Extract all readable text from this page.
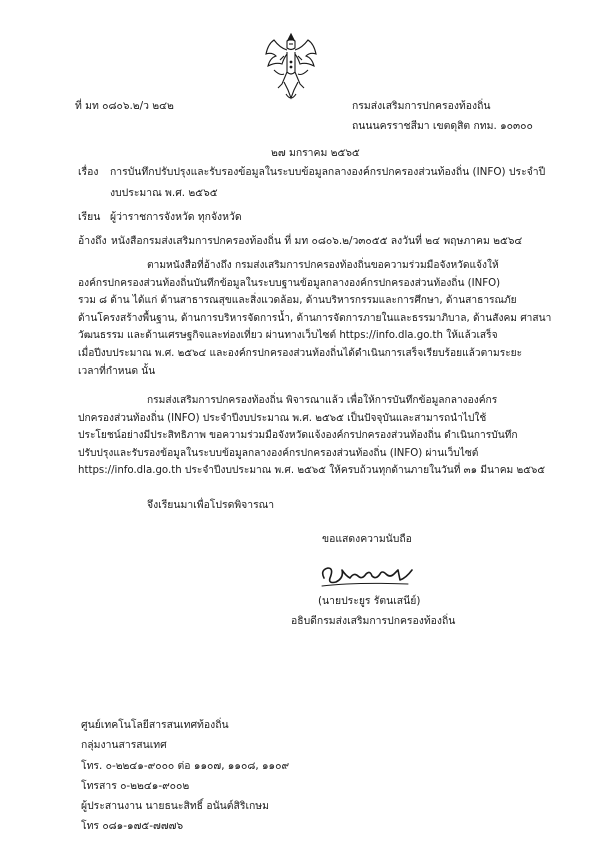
ที่ มท ๐๘๐๖.๒/ว ๒๔๒	กรมส่งเสริมการปกครองท้องถิ่น
ถนนนครราชสีมา เขตดุสิต กทม. ๑๐๓๐๐
๒๗ มกราคม ๒๕๖๕
เรื่อง การบันทึกปรับปรุงและรับรองข้อมูลในระบบข้อมูลกลางองค์กรปกครองส่วนท้องถิ่น (INFO) ประจำปี
งบประมาณ พ.ศ. ๒๕๖๕
เรียน ผู้ว่าราชการจังหวัด ทุกจังหวัด
อ้างถึง หนังสือกรมส่งเสริมการปกครองท้องถิ่น ที่ มท ๐๘๐๖.๒/ว๓๐๕๕ ลงวันที่ ๒๔ พฤษภาคม ๒๕๖๔
ตามหนังสือที่อ้างถึง กรมส่งเสริมการปกครองท้องถิ่นขอความร่วมมือจังหวัดแจ้งให้
องค์กรปกครองส่วนท้องถิ่นบันทึกข้อมูลในระบบฐานข้อมูลกลางองค์กรปกครองส่วนท้องถิ่น (INFO)
รวม ๘ ด้าน ได้แก่ ด้านสาธารณสุขและสิ่งแวดล้อม, ด้านบริหารกรรมและการศึกษา, ด้านสาธารณภัย
ด้านโครงสร้างพื้นฐาน, ด้านการบริหารจัดการน้ำ, ด้านการจัดการภายในและธรรมาภิบาล, ด้านสังคม ศาสนา
วัฒนธรรม และด้านเศรษฐกิจและท่องเที่ยว ผ่านทางเว็บไซต์ https://info.dla.go.th ให้แล้วเสร็จ
เมื่อปีงบประมาณ พ.ศ. ๒๕๖๔ และองค์กรปกครองส่วนท้องถิ่นได้ดำเนินการเสร็จเรียบร้อยแล้วตามระยะ
เวลาที่กำหนด นั้น
กรมส่งเสริมการปกครองท้องถิ่น พิจารณาแล้ว เพื่อให้การบันทึกข้อมูลกลางองค์กร
ปกครองส่วนท้องถิ่น (INFO) ประจำปีงบประมาณ พ.ศ. ๒๕๖๕ เป็นปัจจุบันและสามารถนำไปใช้
ประโยชน์อย่างมีประสิทธิภาพ ขอความร่วมมือจังหวัดแจ้งองค์กรปกครองส่วนท้องถิ่น ดำเนินการบันทึก
ปรับปรุงและรับรองข้อมูลในระบบข้อมูลกลางองค์กรปกครองส่วนท้องถิ่น (INFO) ผ่านเว็บไซต์
https://info.dla.go.th ประจำปีงบประมาณ พ.ศ. ๒๕๖๕ ให้ครบถ้วนทุกด้านภายในวันที่ ๓๑ มีนาคม ๒๕๖๕
จึงเรียนมาเพื่อโปรดพิจารณา
ขอแสดงความนับถือ
(นายประยูร รัตนเสนีย์)
อธิบดีกรมส่งเสริมการปกครองท้องถิ่น
ศูนย์เทคโนโลยีสารสนเทศท้องถิ่น
กลุ่มงานสารสนเทศ
โทร. ๐-๒๒๔๑-๙๐๐๐ ต่อ ๑๑๐๗, ๑๑๐๘, ๑๑๐๙
โทรสาร ๐-๒๒๔๑-๙๐๐๒
ผู้ประสานงาน นายธนะสิทธิ์ อนันต์สิริเกษม
โทร ๐๘๑-๑๗๕-๗๗๗๖
